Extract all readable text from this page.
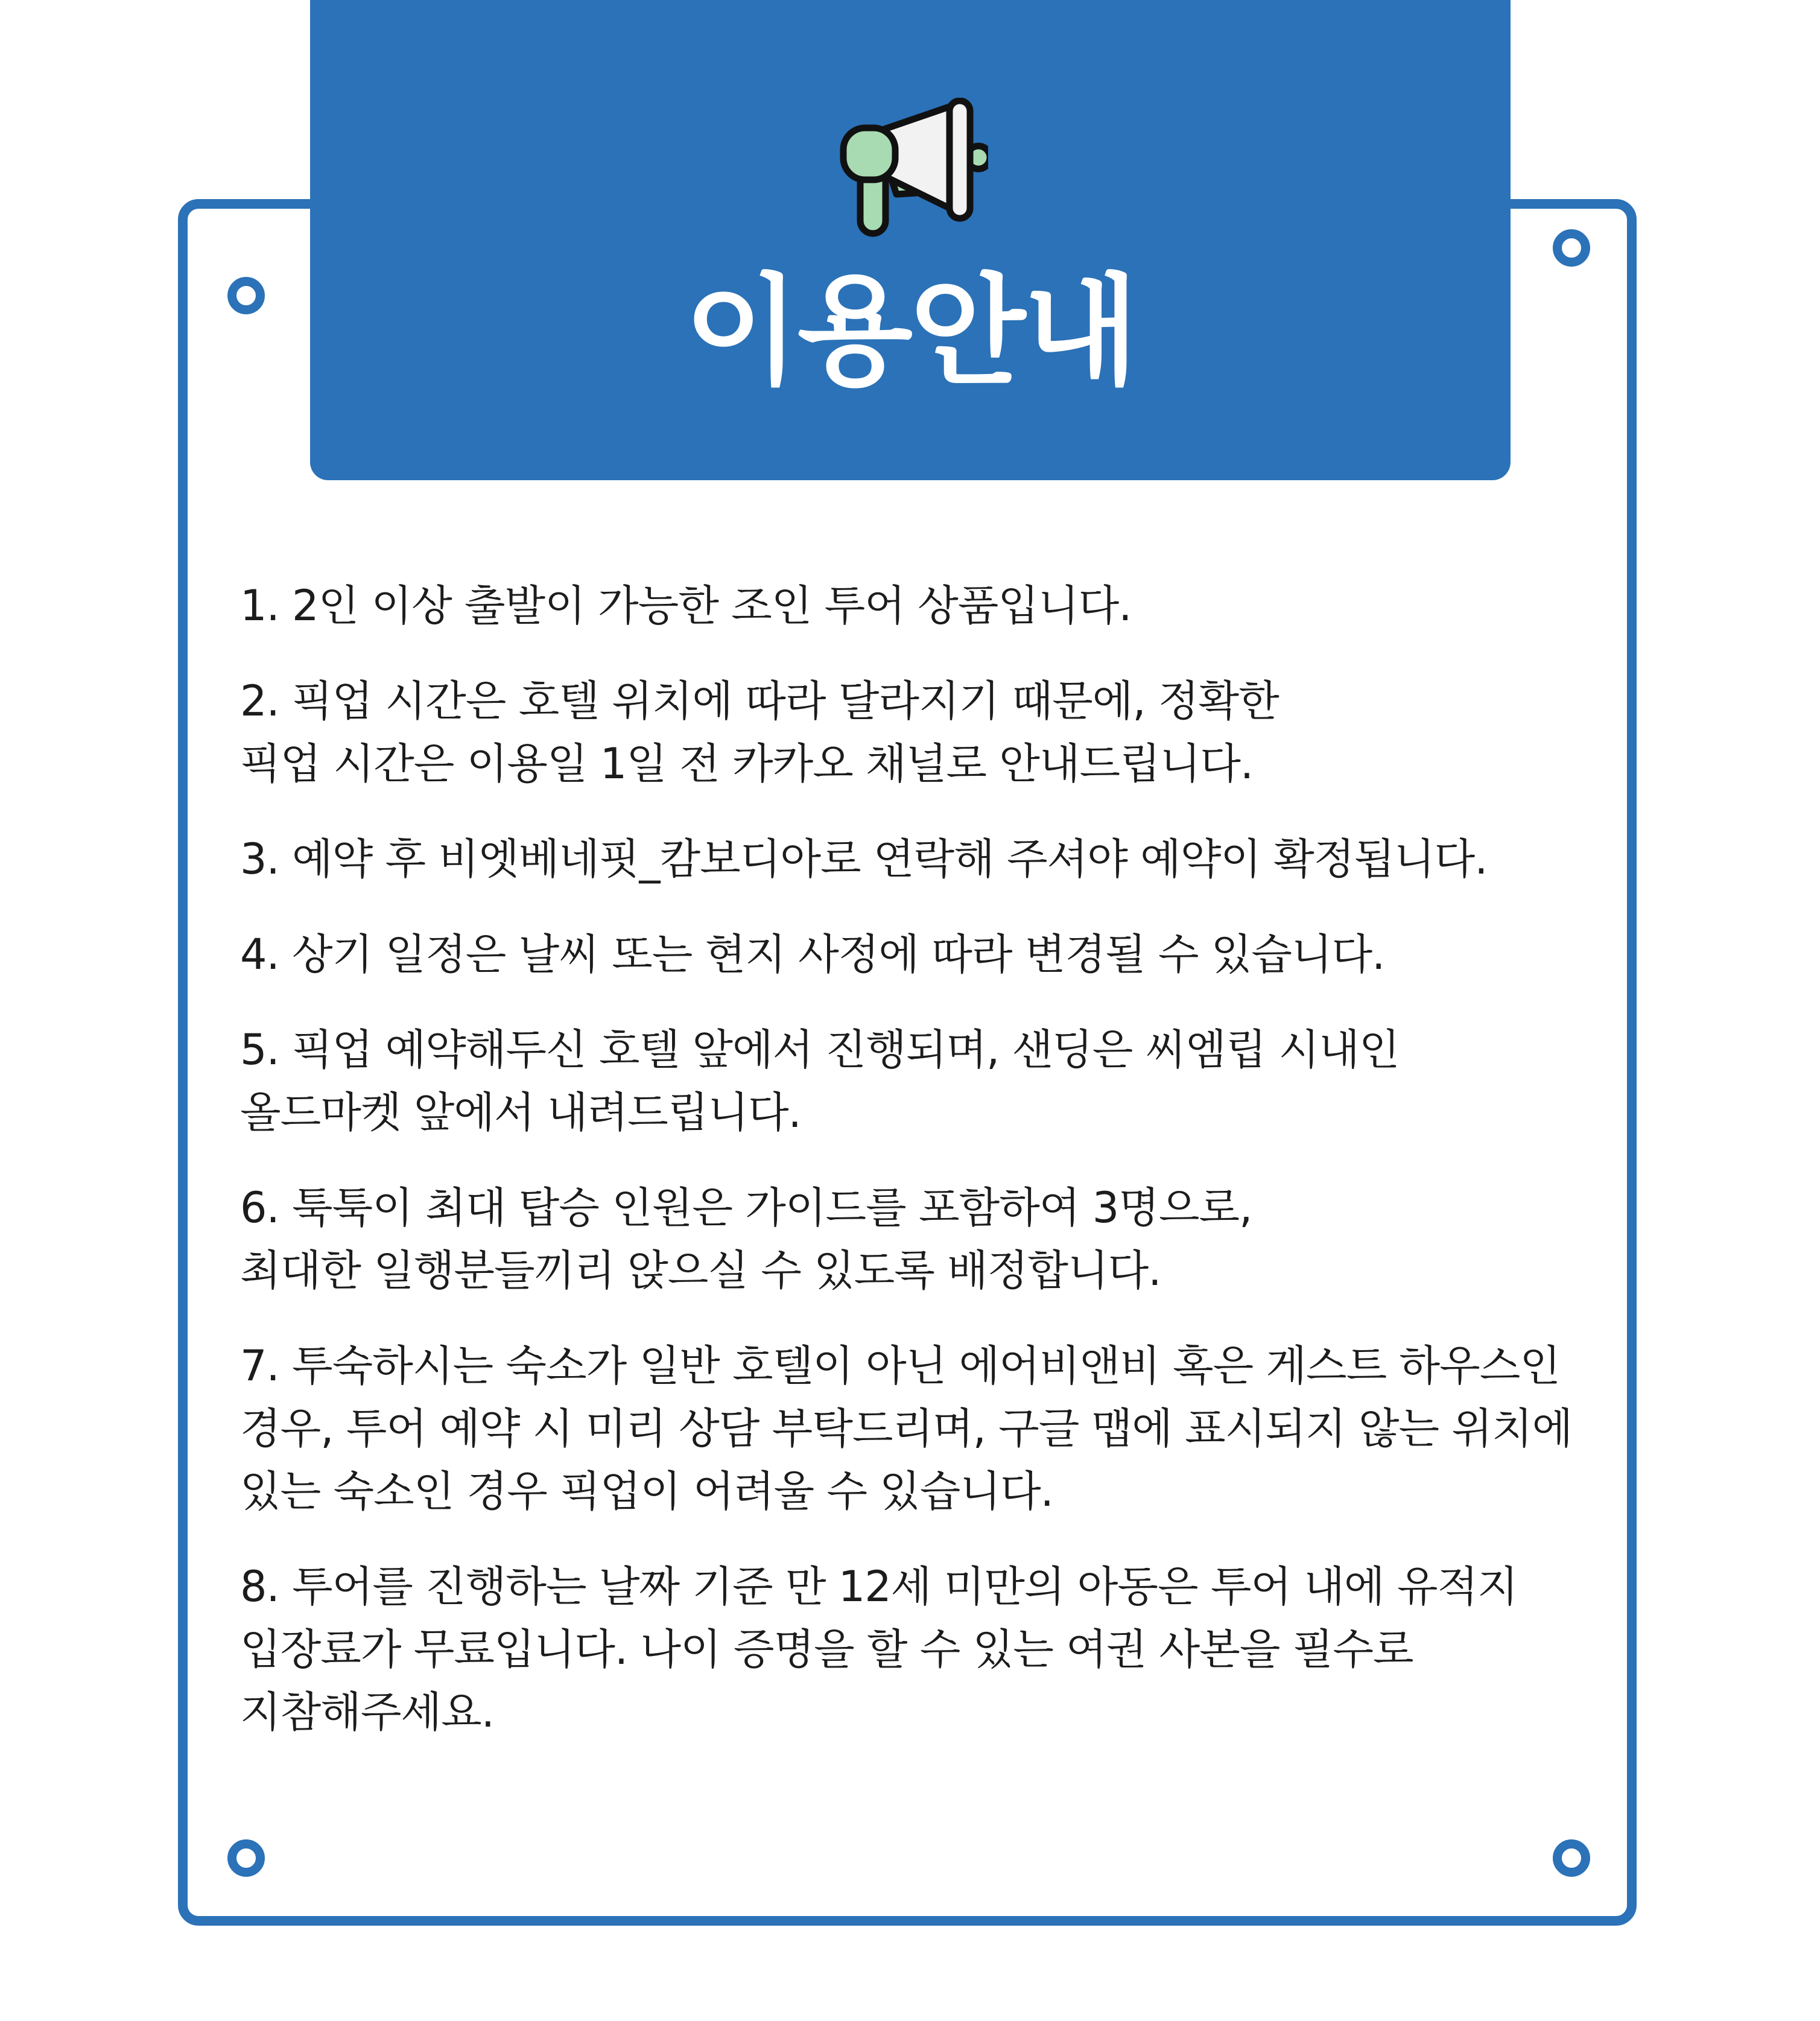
이용안내
1. 2인 이상 출발이 가능한 조인 투어 상품입니다.
2. 픽업 시간은 호텔 위치에 따라 달라지기 때문에, 정확한
픽업 시간은 이용일 1일 전 카카오 채널로 안내드립니다.
3. 예약 후 비엣베네핏_캄보디아로 연락해 주셔야 예약이 확정됩니다.
4. 상기 일정은 날씨 또는 현지 사정에 따라 변경될 수 있습니다.
5. 픽업 예약해두신 호텔 앞에서 진행되며, 샌딩은 씨엠립 시내인
올드마켓 앞에서 내려드립니다.
6. 툭툭이 최대 탑승 인원은 가이드를 포함하여 3명으로,
최대한 일행분들끼리 앉으실 수 있도록 배정합니다.
7. 투숙하시는 숙소가 일반 호텔이 아닌 에어비앤비 혹은 게스트 하우스인
경우, 투어 예약 시 미리 상담 부탁드리며, 구글 맵에 표시되지 않는 위치에
있는 숙소인 경우 픽업이 어려울 수 있습니다.
8. 투어를 진행하는 날짜 기준 만 12세 미만의 아동은 투어 내에 유적지
입장료가 무료입니다. 나이 증명을 할 수 있는 여권 사본을 필수로
지참해주세요.
